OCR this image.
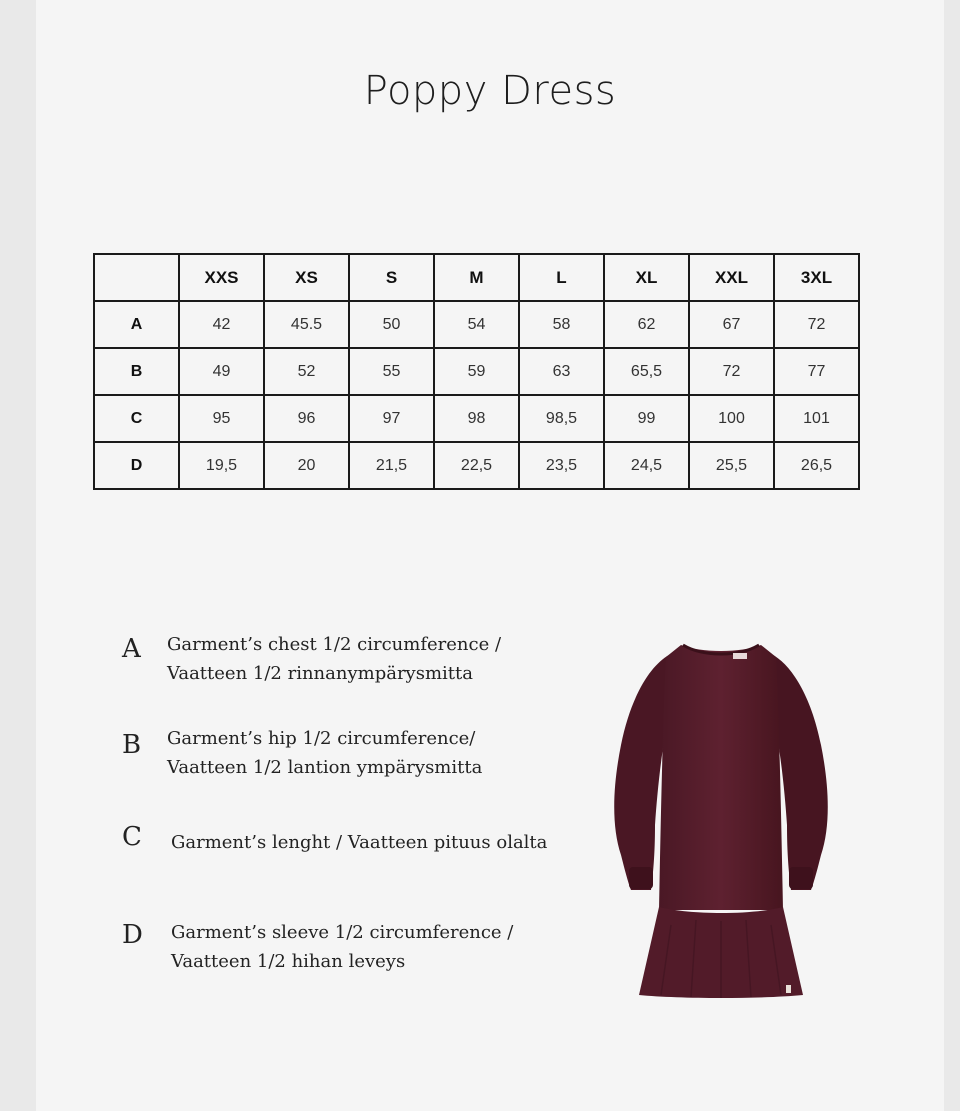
Poppy Dress
	XXS	XS	S	M	L	XL	XXL	3XL
A	42	45.5	50	54	58	62	67	72
B	49	52	55	59	63	65,5	72	77
C	95	96	97	98	98,5	99	100	101
D	19,5	20	21,5	22,5	23,5	24,5	25,5	26,5
A Garment’s chest 1/2 circumference /
Vaatteen 1/2 rinnanympärysmitta
B Garment’s hip 1/2 circumference/
Vaatteen 1/2 lantion ympärysmitta
C Garment’s lenght / Vaatteen pituus olalta
D Garment’s sleeve 1/2 circumference /
Vaatteen 1/2 hihan leveys
